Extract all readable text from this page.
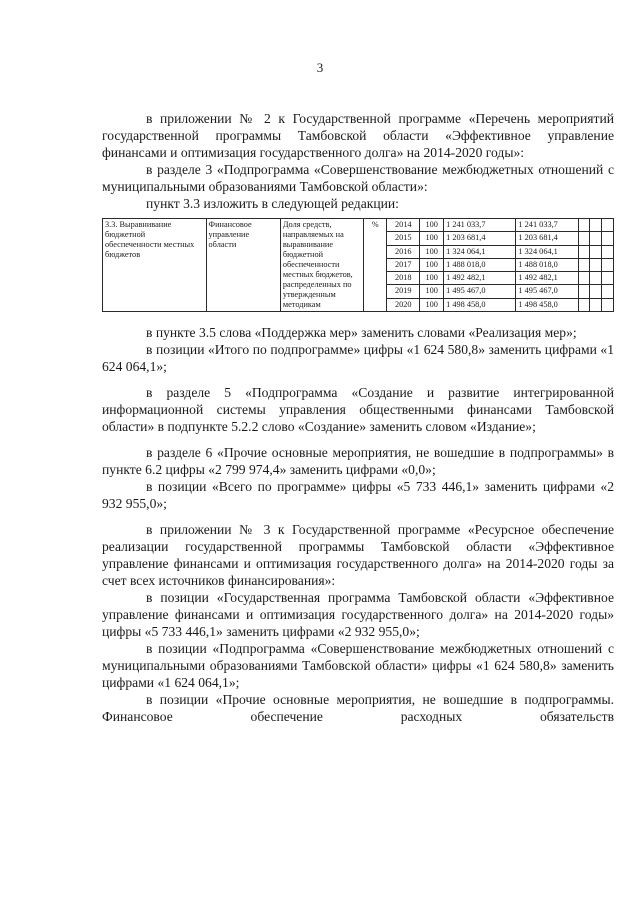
3

в приложении № 2 к Государственной программе «Перечень мероприятий государственной программы Тамбовской области «Эффективное управление финансами и оптимизация государственного долга» на 2014-2020 годы»:

в разделе 3 «Подпрограмма «Совершенствование межбюджетных отношений с муниципальными образованиями Тамбовской области»:

пункт 3.3 изложить в следующей редакции:

3.3. Выравнивание бюджетной обеспеченности местных бюджетов	Финансовое управление области	Доля средств, направляемых на выравнивание бюджетной обеспеченности местных бюджетов, распределенных по утвержденным методикам	%	2014	100	1 241 033,7	1 241 033,7			
				2015	100	1 203 681,4	1 203 681,4			
				2016	100	1 324 064,1	1 324 064,1			
				2017	100	1 488 018,0	1 488 018,0			
				2018	100	1 492 482,1	1 492 482,1			
				2019	100	1 495 467,0	1 495 467,0			
				2020	100	1 498 458,0	1 498 458,0			

в пункте 3.5 слова «Поддержка мер» заменить словами «Реализация мер»;

в позиции «Итого по подпрограмме» цифры «1 624 580,8» заменить цифрами «1 624 064,1»;

в разделе 5 «Подпрограмма «Создание и развитие интегрированной информационной системы управления общественными финансами Тамбовской области» в подпункте 5.2.2 слово «Создание» заменить словом «Издание»;

в разделе 6 «Прочие основные мероприятия, не вошедшие в подпрограммы» в пункте 6.2 цифры «2 799 974,4» заменить цифрами «0,0»;

в позиции «Всего по программе» цифры «5 733 446,1» заменить цифрами «2 932 955,0»;

в приложении № 3 к Государственной программе «Ресурсное обеспечение реализации государственной программы Тамбовской области «Эффективное управление финансами и оптимизация государственного долга» на 2014-2020 годы за счет всех источников финансирования»:

в позиции «Государственная программа Тамбовской области «Эффективное управление финансами и оптимизация государственного долга» на 2014-2020 годы» цифры «5 733 446,1» заменить цифрами «2 932 955,0»;

в позиции «Подпрограмма «Совершенствование межбюджетных отношений с муниципальными образованиями Тамбовской области» цифры «1 624 580,8» заменить цифрами «1 624 064,1»;

в позиции «Прочие основные мероприятия, не вошедшие в подпрограммы. Финансовое обеспечение расходных обязательств
